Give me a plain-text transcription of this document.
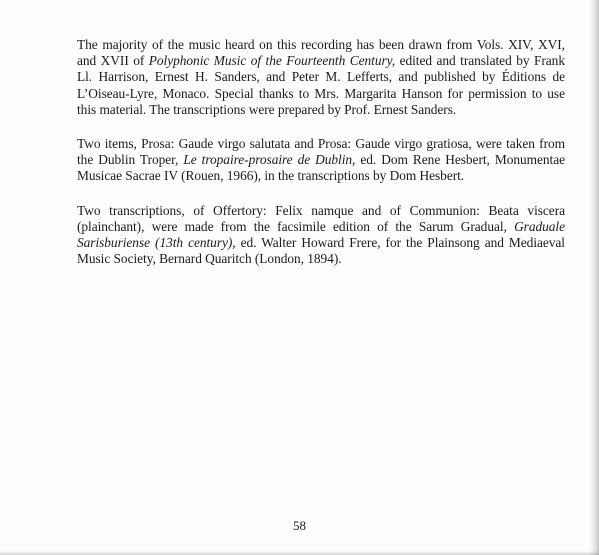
The majority of the music heard on this recording has been drawn from Vols. XIV, XVI, and XVII of Polyphonic Music of the Fourteenth Century, edited and translated by Frank Ll. Harrison, Ernest H. Sanders, and Peter M. Lefferts, and published by Éditions de L’Oiseau-Lyre, Monaco. Special thanks to Mrs. Margarita Hanson for permission to use this material. The transcriptions were prepared by Prof. Ernest Sanders.

Two items, Prosa: Gaude virgo salutata and Prosa: Gaude virgo gratiosa, were taken from the Dublin Troper, Le tropaire-prosaire de Dublin, ed. Dom Rene Hesbert, Monumentae Musicae Sacrae IV (Rouen, 1966), in the transcriptions by Dom Hesbert.

Two transcriptions, of Offertory: Felix namque and of Communion: Beata viscera (plainchant), were made from the facsimile edition of the Sarum Gradual, Graduale Sarisburiense (13th century), ed. Walter Howard Frere, for the Plainsong and Mediaeval Music Society, Bernard Quaritch (London, 1894).

58
